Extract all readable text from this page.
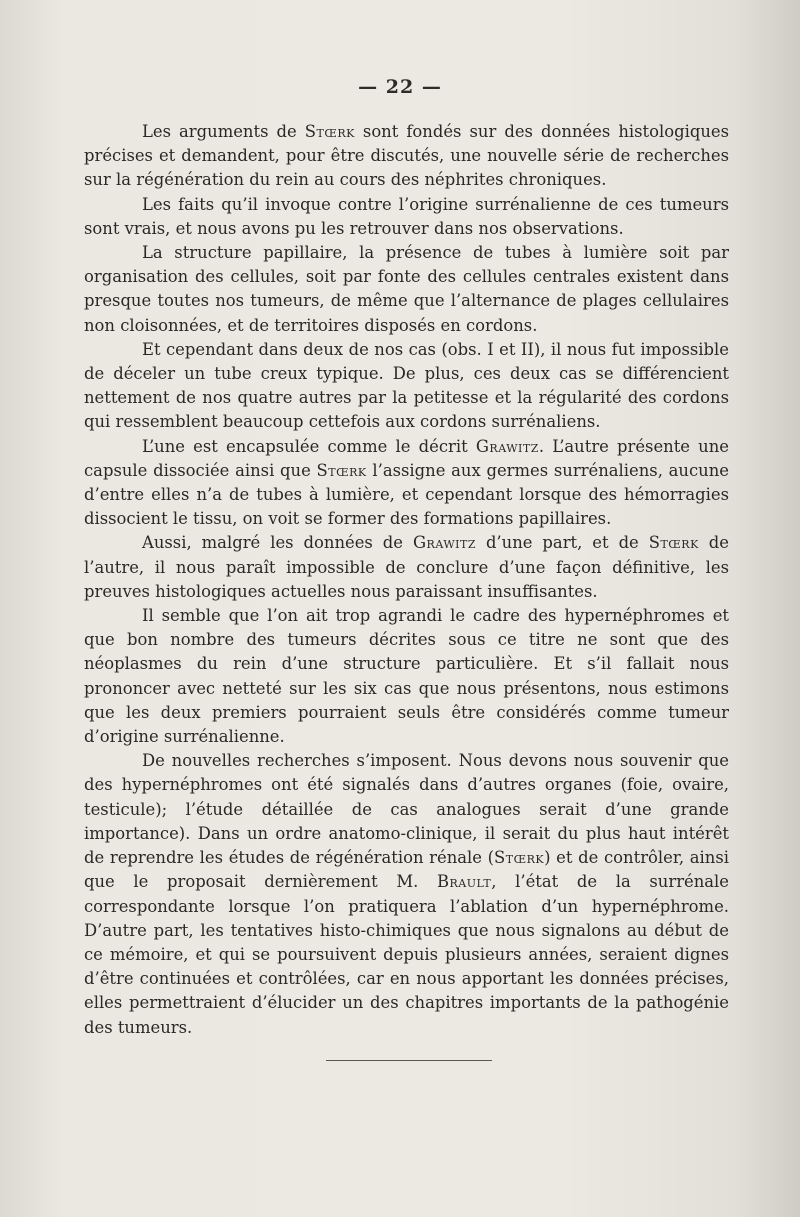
— 22 —

Les arguments de Stœrk sont fondés sur des données histologiques précises et demandent, pour être discutés, une nouvelle série de recherches sur la régénération du rein au cours des néphrites chroniques.

Les faits qu’il invoque contre l’origine surrénalienne de ces tumeurs sont vrais, et nous avons pu les retrouver dans nos observations.

La structure papillaire, la présence de tubes à lumière soit par organisation des cellules, soit par fonte des cellules centrales existent dans presque toutes nos tumeurs, de même que l’alternance de plages cellulaires non cloisonnées, et de territoires disposés en cordons.

Et cependant dans deux de nos cas (obs. I et II), il nous fut impossible de déceler un tube creux typique. De plus, ces deux cas se différencient nettement de nos quatre autres par la petitesse et la régularité des cordons qui ressemblent beaucoup cettefois aux cordons surrénaliens.

L’une est encapsulée comme le décrit Grawitz. L’autre présente une capsule dissociée ainsi que Stœrk l’assigne aux germes surrénaliens, aucune d’entre elles n’a de tubes à lumière, et cependant lorsque des hémorragies dissocient le tissu, on voit se former des formations papillaires.

Aussi, malgré les données de Grawitz d’une part, et de Stœrk de l’autre, il nous paraît impossible de conclure d’une façon définitive, les preuves histologiques actuelles nous paraissant insuffisantes.

Il semble que l’on ait trop agrandi le cadre des hypernéphromes et que bon nombre des tumeurs décrites sous ce titre ne sont que des néoplasmes du rein d’une structure particulière. Et s’il fallait nous prononcer avec netteté sur les six cas que nous présentons, nous estimons que les deux premiers pourraient seuls être considérés comme tumeur d’origine surrénalienne.

De nouvelles recherches s’imposent. Nous devons nous souvenir que des hypernéphromes ont été signalés dans d’autres organes (foie, ovaire, testicule); l’étude détaillée de cas analogues serait d’une grande importance). Dans un ordre anatomo-clinique, il serait du plus haut intérêt de reprendre les études de régénération rénale (Stœrk) et de contrôler, ainsi que le proposait dernièrement M. Brault, l’état de la surrénale correspondante lorsque l’on pratiquera l’ablation d’un hypernéphrome. D’autre part, les tentatives histo-chimiques que nous signalons au début de ce mémoire, et qui se poursuivent depuis plusieurs années, seraient dignes d’être continuées et contrôlées, car en nous apportant les données précises, elles permettraient d’élucider un des chapitres importants de la pathogénie des tumeurs.
